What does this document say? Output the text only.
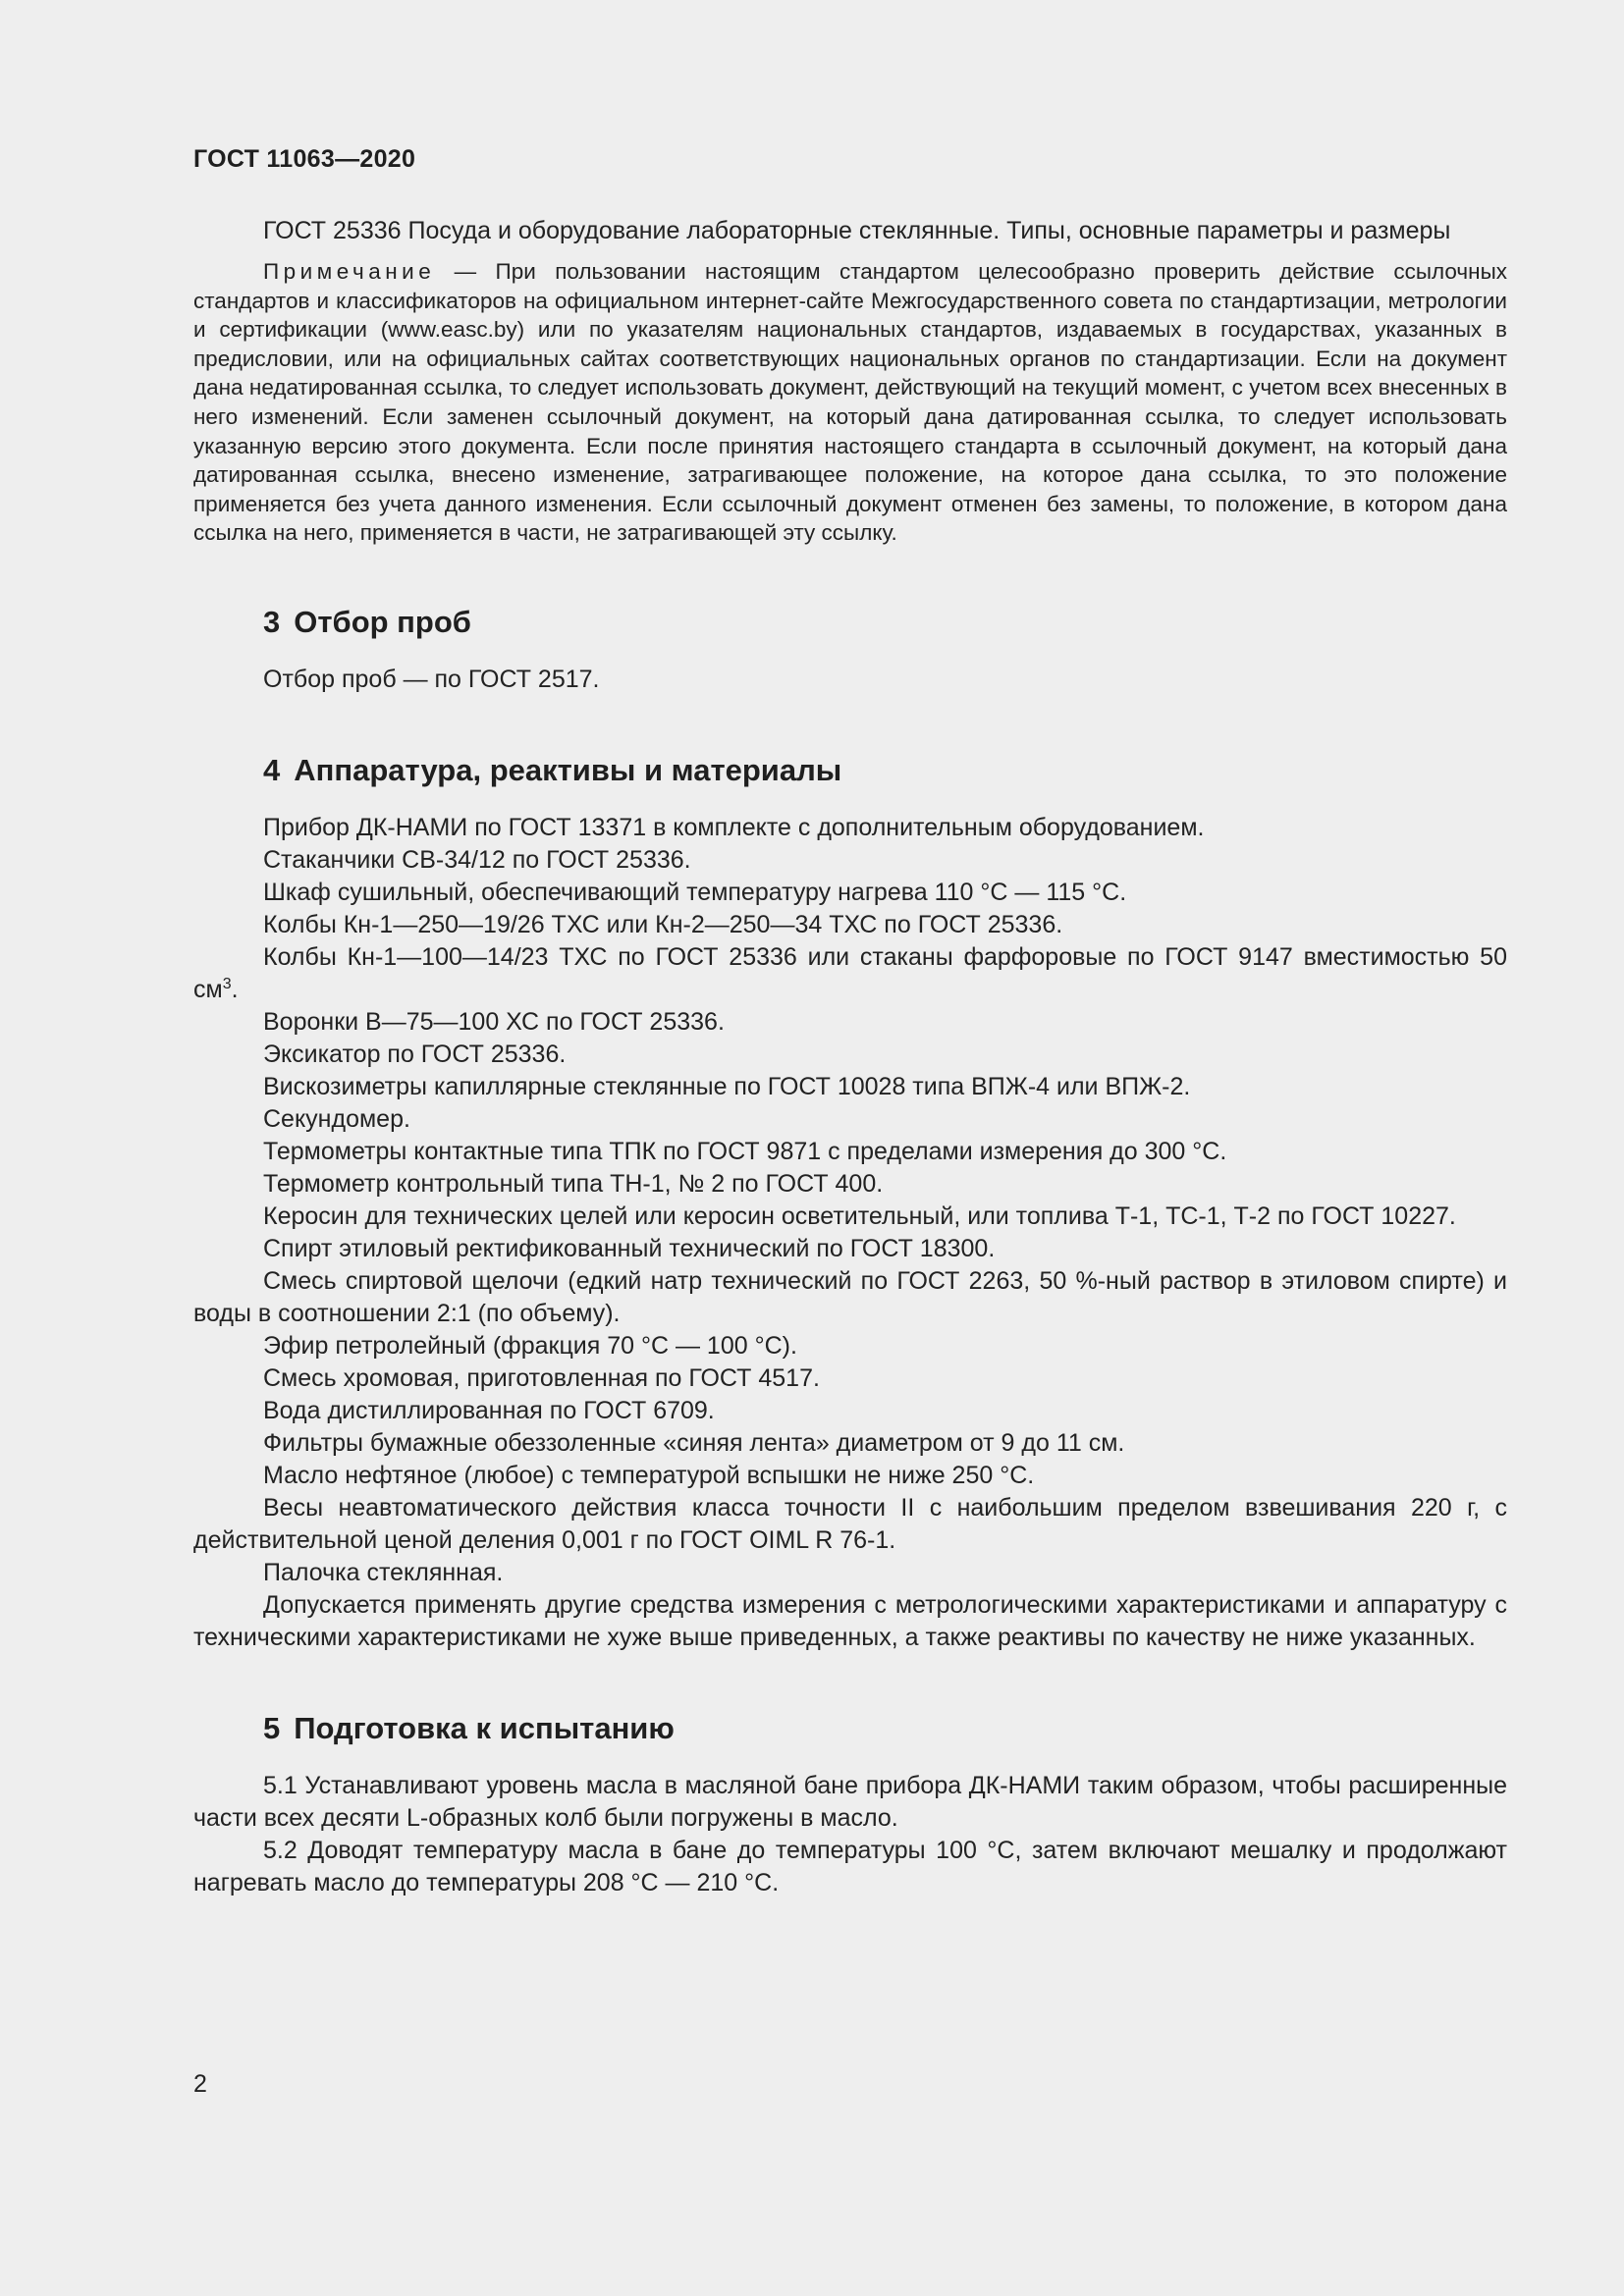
ГОСТ 11063—2020

ГОСТ 25336 Посуда и оборудование лабораторные стеклянные. Типы, основные параметры и размеры

Примечание — При пользовании настоящим стандартом целесообразно проверить действие ссылочных стандартов и классификаторов на официальном интернет-сайте Межгосударственного совета по стандартизации, метрологии и сертификации (www.easc.by) или по указателям национальных стандартов, издаваемых в государствах, указанных в предисловии, или на официальных сайтах соответствующих национальных органов по стандартизации. Если на документ дана недатированная ссылка, то следует использовать документ, действующий на текущий момент, с учетом всех внесенных в него изменений. Если заменен ссылочный документ, на который дана датированная ссылка, то следует использовать указанную версию этого документа. Если после принятия настоящего стандарта в ссылочный документ, на который дана датированная ссылка, внесено изменение, затрагивающее положение, на которое дана ссылка, то это положение применяется без учета данного изменения. Если ссылочный документ отменен без замены, то положение, в котором дана ссылка на него, применяется в части, не затрагивающей эту ссылку.

3 Отбор проб

Отбор проб — по ГОСТ 2517.

4 Аппаратура, реактивы и материалы

Прибор ДК-НАМИ по ГОСТ 13371 в комплекте с дополнительным оборудованием.

Стаканчики СВ-34/12 по ГОСТ 25336.

Шкаф сушильный, обеспечивающий температуру нагрева 110 °С — 115 °С.

Колбы Кн-1—250—19/26 ТХС или Кн-2—250—34 ТХС по ГОСТ 25336.

Колбы Кн-1—100—14/23 ТХС по ГОСТ 25336 или стаканы фарфоровые по ГОСТ 9147 вместимостью 50 $см^3$.

Воронки В—75—100 ХС по ГОСТ 25336.

Эксикатор по ГОСТ 25336.

Вискозиметры капиллярные стеклянные по ГОСТ 10028 типа ВПЖ-4 или ВПЖ-2.

Секундомер.

Термометры контактные типа ТПК по ГОСТ 9871 с пределами измерения до 300 °С.

Термометр контрольный типа ТН-1, № 2 по ГОСТ 400.

Керосин для технических целей или керосин осветительный, или топлива Т-1, ТС-1, Т-2 по ГОСТ 10227.

Спирт этиловый ректификованный технический по ГОСТ 18300.

Смесь спиртовой щелочи (едкий натр технический по ГОСТ 2263, 50 %-ный раствор в этиловом спирте) и воды в соотношении 2:1 (по объему).

Эфир петролейный (фракция 70 °С — 100 °С).

Смесь хромовая, приготовленная по ГОСТ 4517.

Вода дистиллированная по ГОСТ 6709.

Фильтры бумажные обеззоленные «синяя лента» диаметром от 9 до 11 см.

Масло нефтяное (любое) с температурой вспышки не ниже 250 °С.

Весы неавтоматического действия класса точности II с наибольшим пределом взвешивания 220 г, с действительной ценой деления 0,001 г по ГОСТ OIML R 76-1.

Палочка стеклянная.

Допускается применять другие средства измерения с метрологическими характеристиками и аппаратуру с техническими характеристиками не хуже выше приведенных, а также реактивы по качеству не ниже указанных.

5 Подготовка к испытанию

5.1 Устанавливают уровень масла в масляной бане прибора ДК-НАМИ таким образом, чтобы расширенные части всех десяти L-образных колб были погружены в масло.

5.2 Доводят температуру масла в бане до температуры 100 °С, затем включают мешалку и продолжают нагревать масло до температуры 208 °С — 210 °С.

2
